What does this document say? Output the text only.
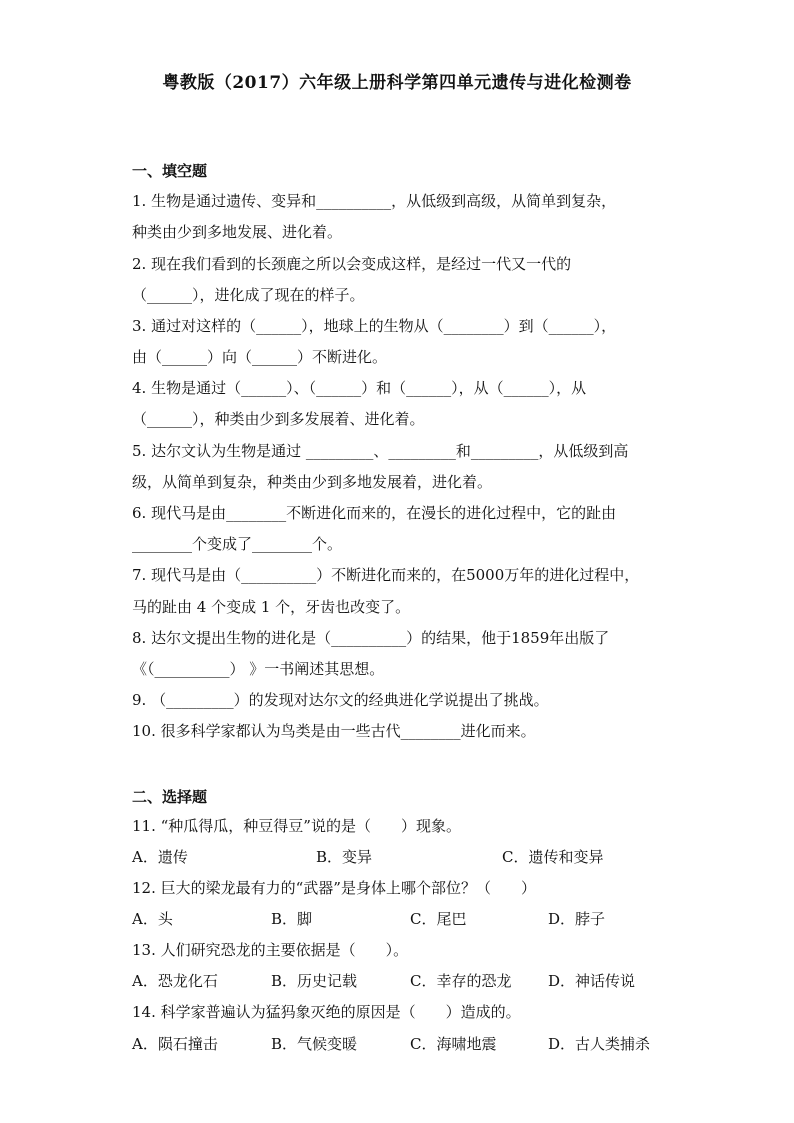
粤教版（2017）六年级上册科学第四单元遗传与进化检测卷
一、填空题
1. 生物是通过遗传、变异和__________，从低级到高级，从简单到复杂，
种类由少到多地发展、进化着。
2. 现在我们看到的长颈鹿之所以会变成这样，是经过一代又一代的
（______），进化成了现在的样子。
3. 通过对这样的（______），地球上的生物从（________）到（______），
由（______）向（______）不断进化。
4. 生物是通过（______）、（______）和（______），从（______），从
（______），种类由少到多发展着、进化着。
5. 达尔文认为生物是通过 _________、_________和_________，从低级到高
级，从简单到复杂，种类由少到多地发展着，进化着。
6. 现代马是由________不断进化而来的，在漫长的进化过程中，它的趾由
________个变成了________个。
7. 现代马是由（__________）不断进化而来的，在5000万年的进化过程中，
马的趾由 4 个变成 1 个，牙齿也改变了。
8. 达尔文提出生物的进化是（__________）的结果，他于1859年出版了
《（__________） 》一书阐述其思想。
9. （_________）的发现对达尔文的经典进化学说提出了挑战。
10. 很多科学家都认为鸟类是由一些古代________进化而来。
二、选择题
11. “种瓜得瓜，种豆得豆”说的是（　　）现象。
A．遗传	B．变异	C．遗传和变异
12. 巨大的梁龙最有力的“武器”是身体上哪个部位？（　　）
A．头	B．脚	C．尾巴	D．脖子
13. 人们研究恐龙的主要依据是（　　）。
A．恐龙化石	B．历史记载	C．幸存的恐龙 D．神话传说
14. 科学家普遍认为猛犸象灭绝的原因是（　　）造成的。
A．陨石撞击	B．气候变暖	C．海啸地震	D．古人类捕杀
